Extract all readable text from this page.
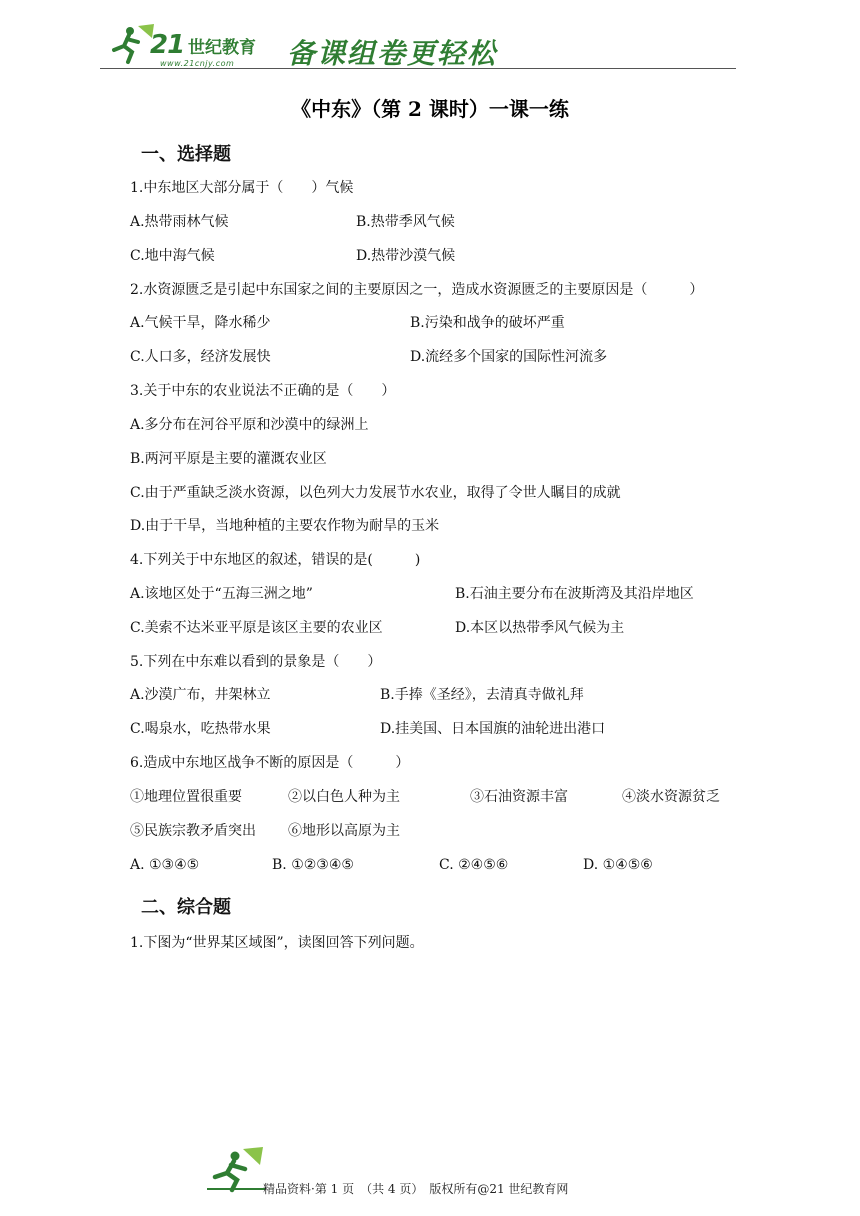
21 世纪教育
www.21cnjy.com 备课组卷更轻松
《中东》（第 2 课时）一课一练
一、选择题
1.中东地区大部分属于（　　）气候
A.热带雨林气候	B.热带季风气候
C.地中海气候	D.热带沙漠气候
2.水资源匮乏是引起中东国家之间的主要原因之一，造成水资源匮乏的主要原因是（　　　）
A.气候干旱，降水稀少	B.污染和战争的破坏严重
C.人口多，经济发展快	D.流经多个国家的国际性河流多
3.关于中东的农业说法不正确的是（　　）
A.多分布在河谷平原和沙漠中的绿洲上
B.两河平原是主要的灌溉农业区
C.由于严重缺乏淡水资源，以色列大力发展节水农业，取得了令世人瞩目的成就
D.由于干旱，当地种植的主要农作物为耐旱的玉米
4.下列关于中东地区的叙述，错误的是(　　　)
A.该地区处于“五海三洲之地”	B.石油主要分布在波斯湾及其沿岸地区
C.美索不达米亚平原是该区主要的农业区	D.本区以热带季风气候为主
5.下列在中东难以看到的景象是（　　）
A.沙漠广布，井架林立	B.手捧《圣经》，去清真寺做礼拜
C.喝泉水，吃热带水果	D.挂美国、日本国旗的油轮进出港口
6.造成中东地区战争不断的原因是（　　　）
①地理位置很重要	②以白色人种为主	③石油资源丰富	④淡水资源贫乏
⑤民族宗教矛盾突出 ⑥地形以高原为主
A. ①③④⑤	B. ①②③④⑤	C. ②④⑤⑥	D. ①④⑤⑥
二、综合题
1.下图为“世界某区域图”，读图回答下列问题。
精品资料·第 1 页　（共 4 页）　版权所有@21 世纪教育网
